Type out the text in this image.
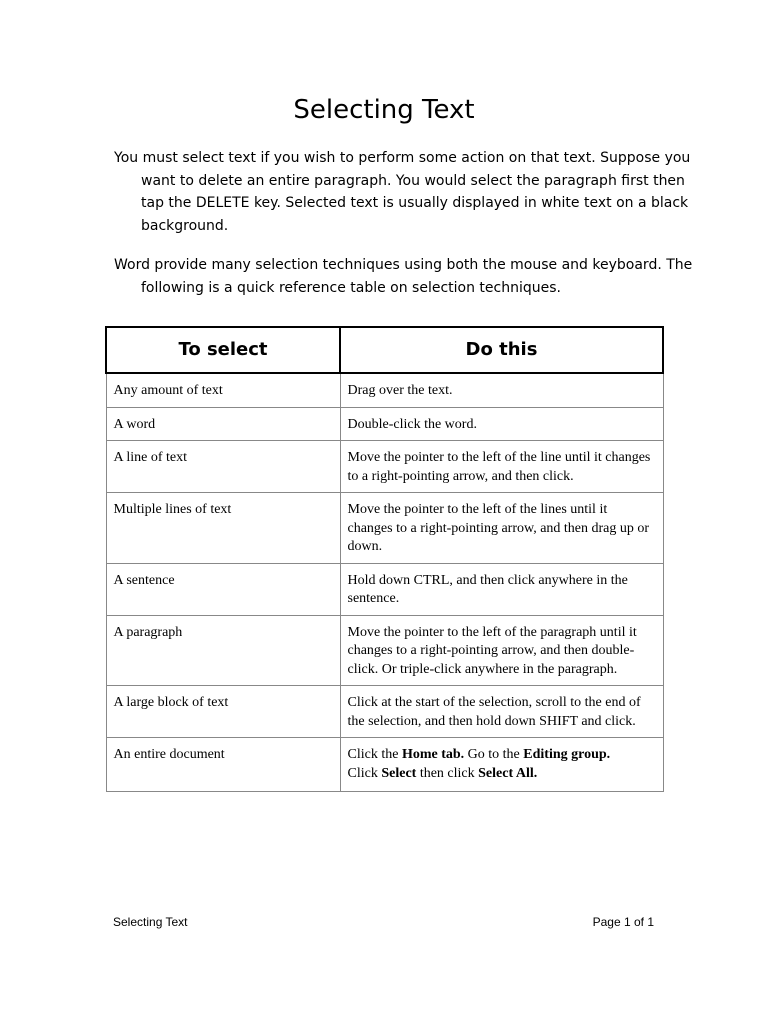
Selecting Text

You must select text if you wish to perform some action on that text. Suppose you want to delete an entire paragraph. You would select the paragraph first then tap the DELETE key. Selected text is usually displayed in white text on a black background.

Word provide many selection techniques using both the mouse and keyboard. The following is a quick reference table on selection techniques.

To select	Do this
Any amount of text	Drag over the text.
A word	Double-click the word.
A line of text	Move the pointer to the left of the line until it changes to a right-pointing arrow, and then click.
Multiple lines of text	Move the pointer to the left of the lines until it changes to a right-pointing arrow, and then drag up or down.
A sentence	Hold down CTRL, and then click anywhere in the sentence.
A paragraph	Move the pointer to the left of the paragraph until it changes to a right-pointing arrow, and then double-click. Or triple-click anywhere in the paragraph.
A large block of text	Click at the start of the selection, scroll to the end of the selection, and then hold down SHIFT and click.
An entire document	Click the Home tab. Go to the Editing group.
Click Select then click Select All.
Selecting Text	Page 1 of 1
